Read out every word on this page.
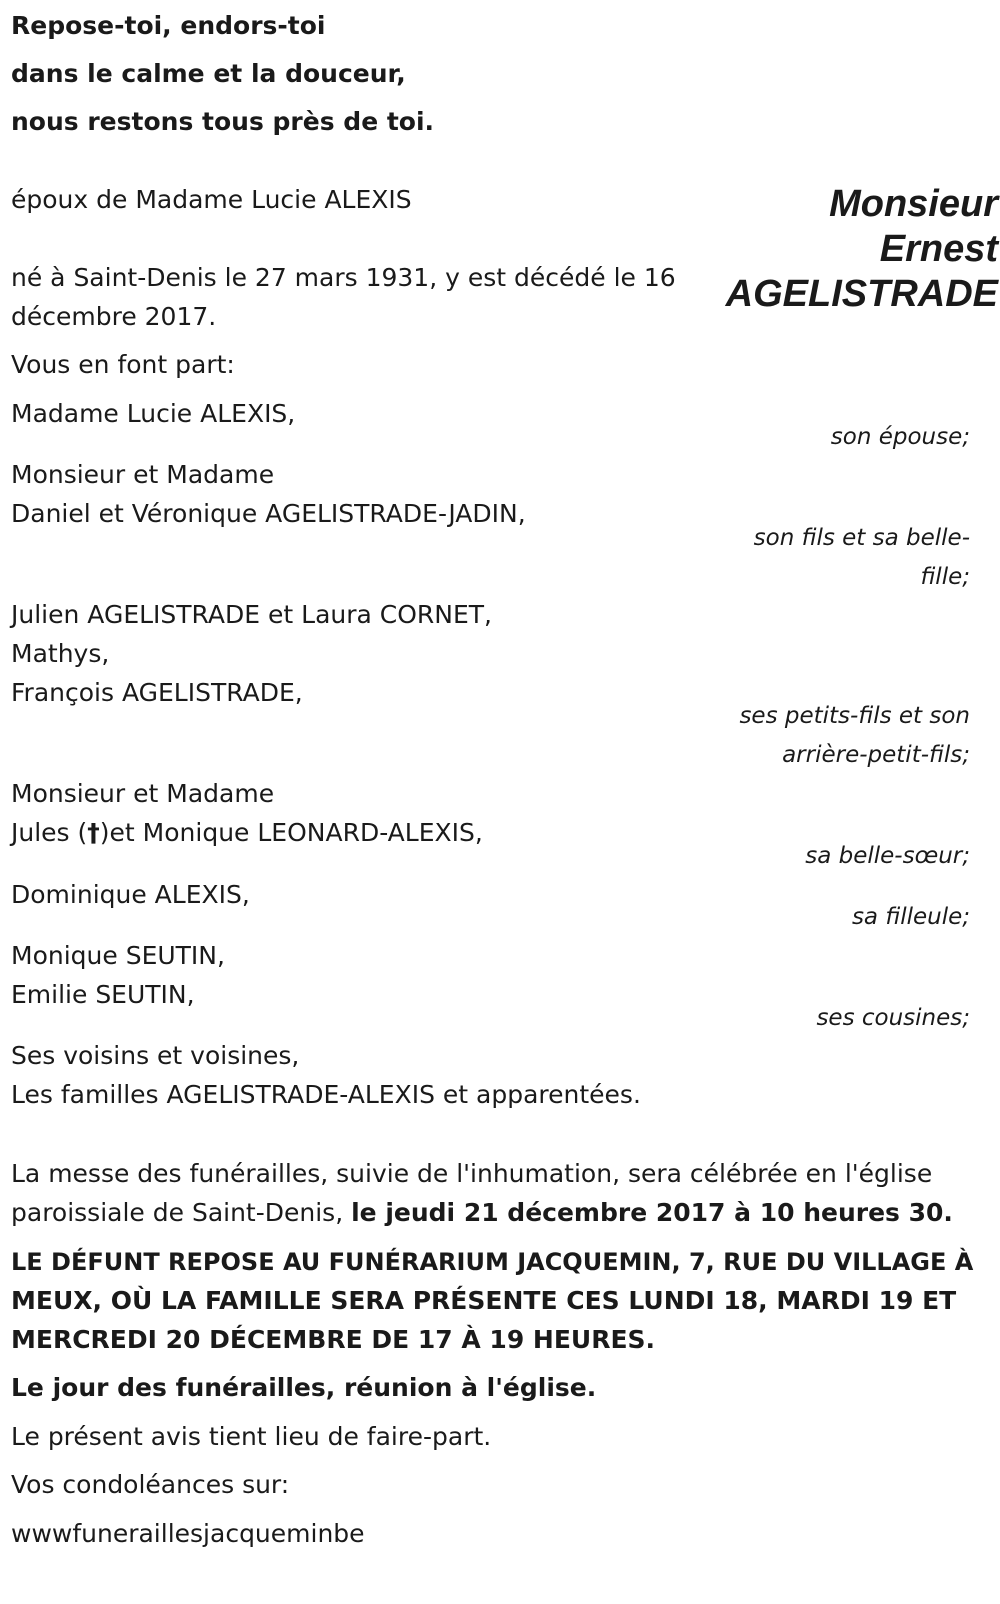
Repose-toi, endors-toi

dans le calme et la douceur,

nous restons tous près de toi.

époux de Madame Lucie ALEXIS	Monsieur
Ernest
AGELISTRADE

né à Saint-Denis le 27 mars 1931, y est décédé le 16

décembre 2017.

Vous en font part:

Madame Lucie ALEXIS,

son épouse;

Monsieur et Madame

Daniel et Véronique AGELISTRADE-JADIN,

son fils et sa belle-

fille;

Julien AGELISTRADE et Laura CORNET,

Mathys,

François AGELISTRADE,

ses petits-fils et son

arrière-petit-fils;

Monsieur et Madame

Jules (†)et Monique LEONARD-ALEXIS,

sa belle-sœur;

Dominique ALEXIS,

sa filleule;

Monique SEUTIN,

Emilie SEUTIN,

ses cousines;

Ses voisins et voisines,

Les familles AGELISTRADE-ALEXIS et apparentées.

La messe des funérailles, suivie de l'inhumation, sera célébrée en l'église

paroissiale de Saint-Denis, le jeudi 21 décembre 2017 à 10 heures 30.

LE DÉFUNT REPOSE AU FUNÉRARIUM JACQUEMIN, 7, RUE DU VILLAGE À

MEUX, OÙ LA FAMILLE SERA PRÉSENTE CES LUNDI 18, MARDI 19 ET

MERCREDI 20 DÉCEMBRE DE 17 À 19 HEURES.

Le jour des funérailles, réunion à l'église.

Le présent avis tient lieu de faire-part.

Vos condoléances sur:

wwwfuneraillesjacqueminbe
